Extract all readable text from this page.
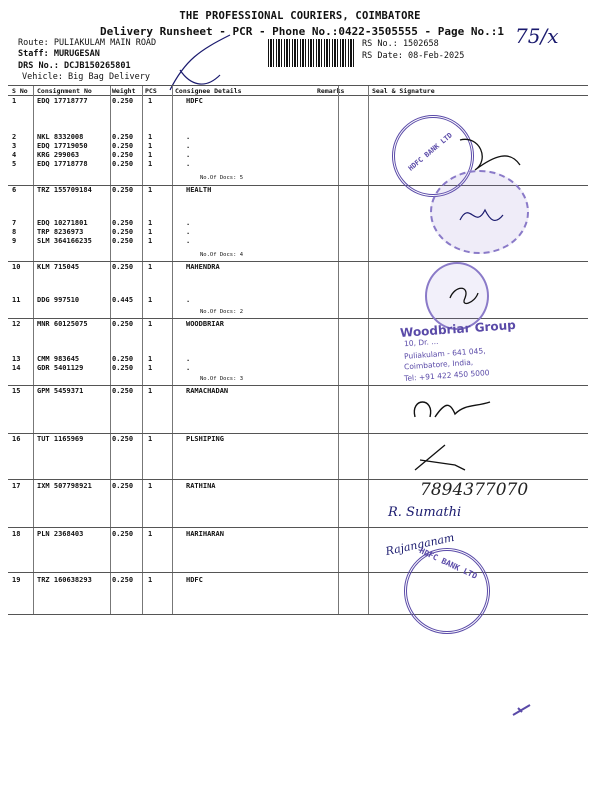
THE PROFESSIONAL COURIERS, COIMBATORE
Delivery Runsheet - PCR - Phone No.:0422-3505555 - Page No.:1
Route: PULIAKULAM MAIN ROAD
Staff: MURUGESAN
DRS No.: DCJB150265801
Vehicle: Big Bag Delivery
RS No.: 1502658
RS Date: 08-Feb-2025
75/x
S No Consignment No	Weight PCS	Consignee Details	Remarks	Seal & Signature
1	EDQ 17718777	0.250 1	HDFC
2	NKL 8332008	0.250 1	.
3	EDQ 17719050	0.250 1	.
4	KRG 299063	0.250 1	.
5	EDQ 17718778	0.250 1	.
6	TRZ 155709184	0.250 1	HEALTH
7	EDQ 10271801	0.250 1	.
8	TRP 8236973	0.250 1	.
9	SLM 364166235	0.250 1	.
10 KLM 715045	0.250 1	MAHENDRA
11 DDG 997510	0.445 1	.
12 MNR 60125075	0.250 1	WOODBRIAR
13 CMM 983645	0.250 1	.
14 GDR 5401129	0.250 1	.
15 GPM 5459371	0.250 1	RAMACHADAN
16 TUT 1165969	0.250 1	PLSHIPING
17 IXM 507798921	0.250 1	RATHINA
18 PLN 2368403	0.250 1	HARIHARAN
19 TRZ 160638293	0.250 1	HDFC
No.Of Docs: 5
No.Of Docs: 4
No.Of Docs: 2
No.Of Docs: 3
HDFC BANK LTD
Woodbriar Group
10, Dr. ...
Puliakulam - 641 045,
Coimbatore, India,
Tel: +91 422 450 5000
7894377070
R. Sumathi
Rajanganam
HDFC BANK LTD
